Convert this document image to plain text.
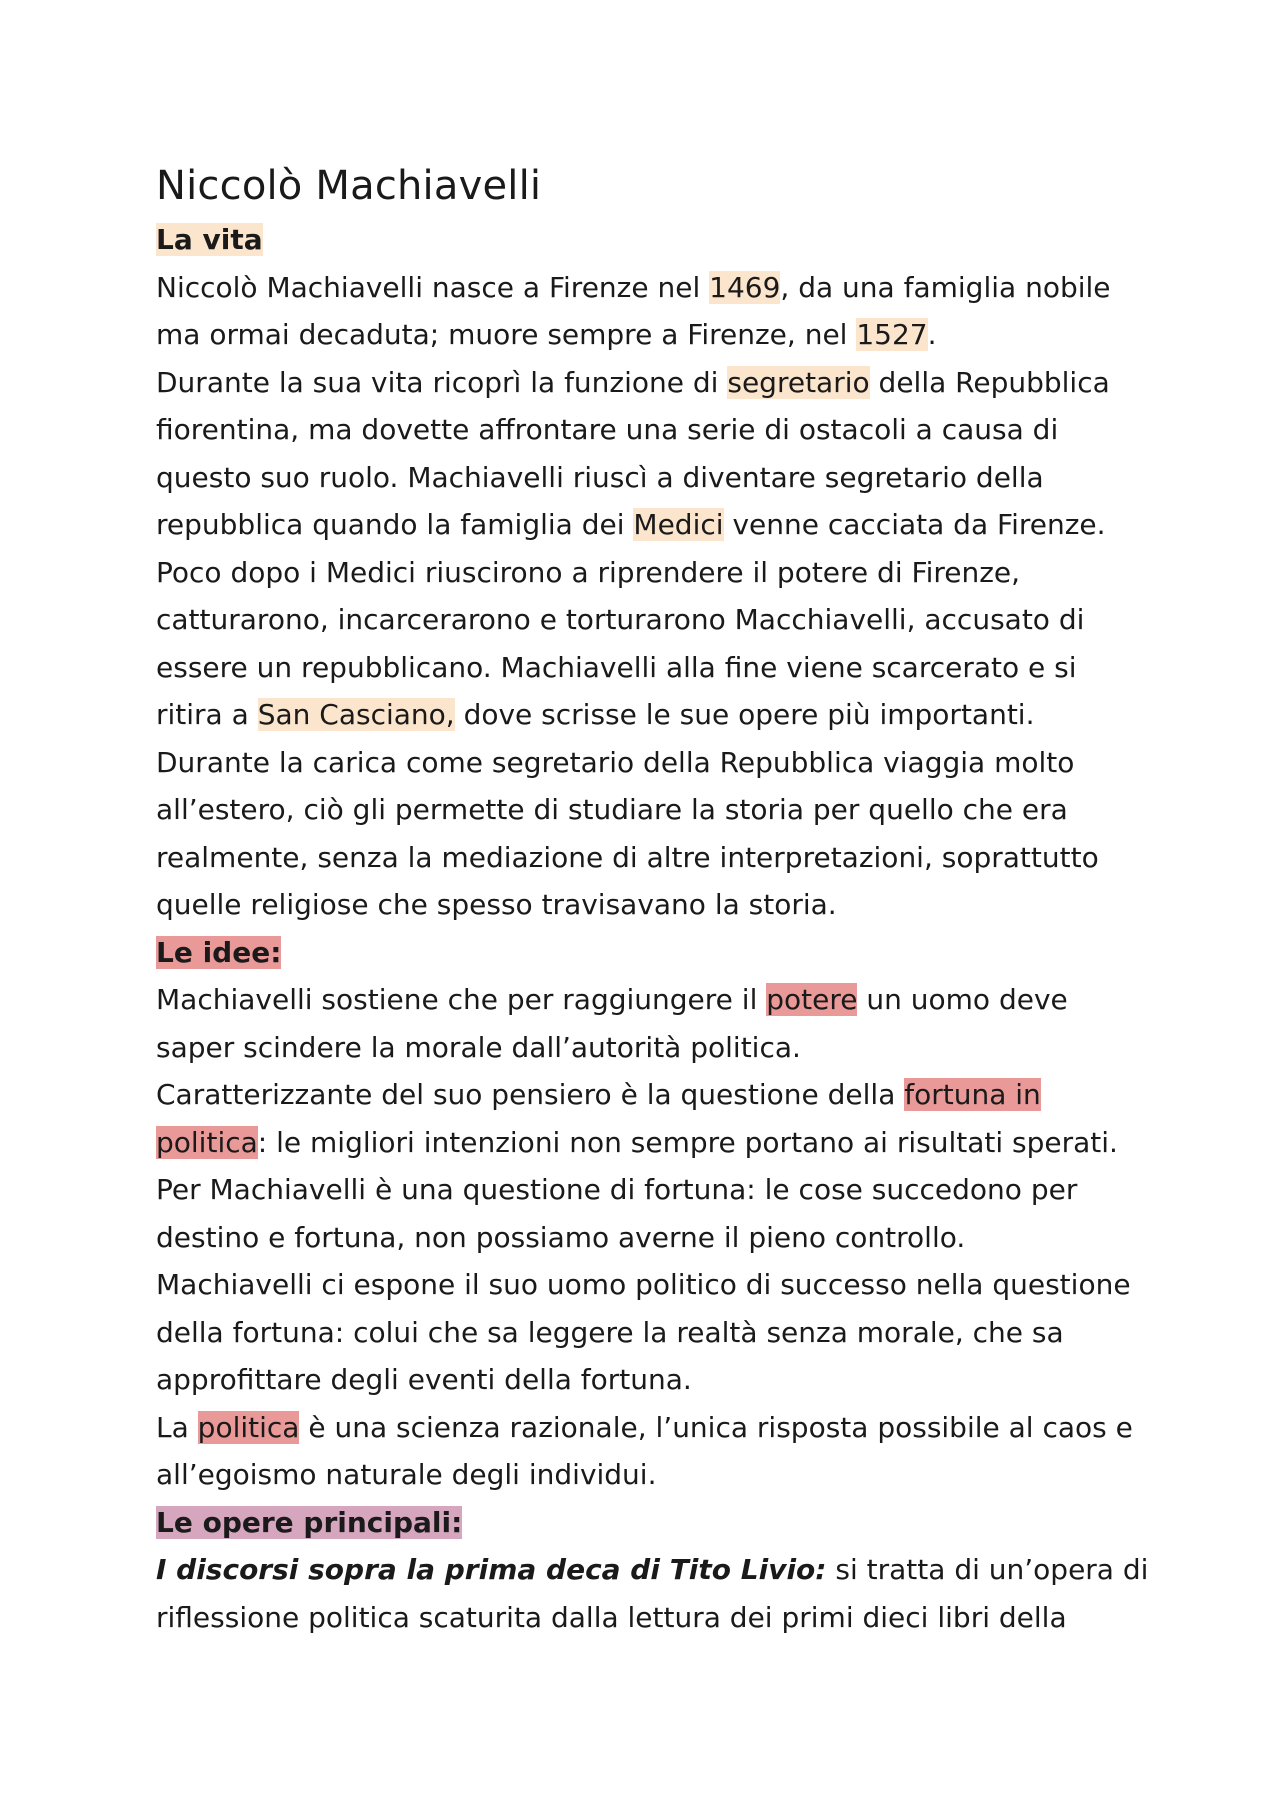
Niccolò Machiavelli
La vita
Niccolò Machiavelli nasce a Firenze nel 1469, da una famiglia nobile
ma ormai decaduta; muore sempre a Firenze, nel 1527.
Durante la sua vita ricoprì la funzione di segretario della Repubblica
fiorentina, ma dovette affrontare una serie di ostacoli a causa di
questo suo ruolo. Machiavelli riuscì a diventare segretario della
repubblica quando la famiglia dei Medici venne cacciata da Firenze.
Poco dopo i Medici riuscirono a riprendere il potere di Firenze,
catturarono, incarcerarono e torturarono Macchiavelli, accusato di
essere un repubblicano. Machiavelli alla fine viene scarcerato e si
ritira a San Casciano, dove scrisse le sue opere più importanti.
Durante la carica come segretario della Repubblica viaggia molto
all’estero, ciò gli permette di studiare la storia per quello che era
realmente, senza la mediazione di altre interpretazioni, soprattutto
quelle religiose che spesso travisavano la storia.
Le idee:
Machiavelli sostiene che per raggiungere il potere un uomo deve
saper scindere la morale dall’autorità politica.
Caratterizzante del suo pensiero è la questione della fortuna in
politica: le migliori intenzioni non sempre portano ai risultati sperati.
Per Machiavelli è una questione di fortuna: le cose succedono per
destino e fortuna, non possiamo averne il pieno controllo.
Machiavelli ci espone il suo uomo politico di successo nella questione
della fortuna: colui che sa leggere la realtà senza morale, che sa
approfittare degli eventi della fortuna.
La politica è una scienza razionale, l’unica risposta possibile al caos e
all’egoismo naturale degli individui.
Le opere principali:
I discorsi sopra la prima deca di Tito Livio: si tratta di un’opera di
riflessione politica scaturita dalla lettura dei primi dieci libri della
